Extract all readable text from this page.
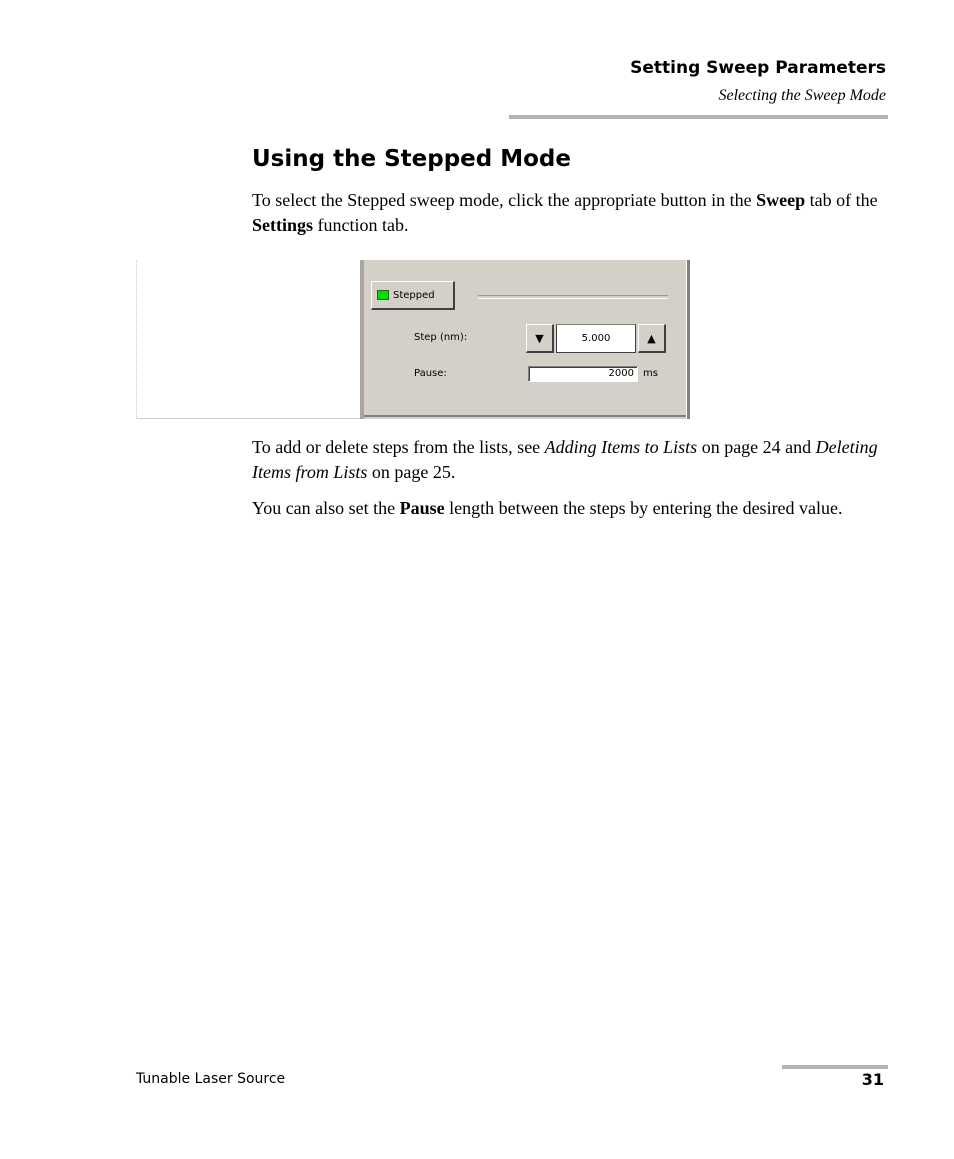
Setting Sweep Parameters
Selecting the Sweep Mode
Using the Stepped Mode

To select the Stepped sweep mode, click the appropriate button in the Sweep tab of the Settings function tab.

Stepped
Step (nm):	▼	5.000	▲
Pause:	2000 ms

To add or delete steps from the lists, see Adding Items to Lists on page 24 and Deleting Items from Lists on page 25.

You can also set the Pause length between the steps by entering the desired value.

Tunable Laser Source	31
